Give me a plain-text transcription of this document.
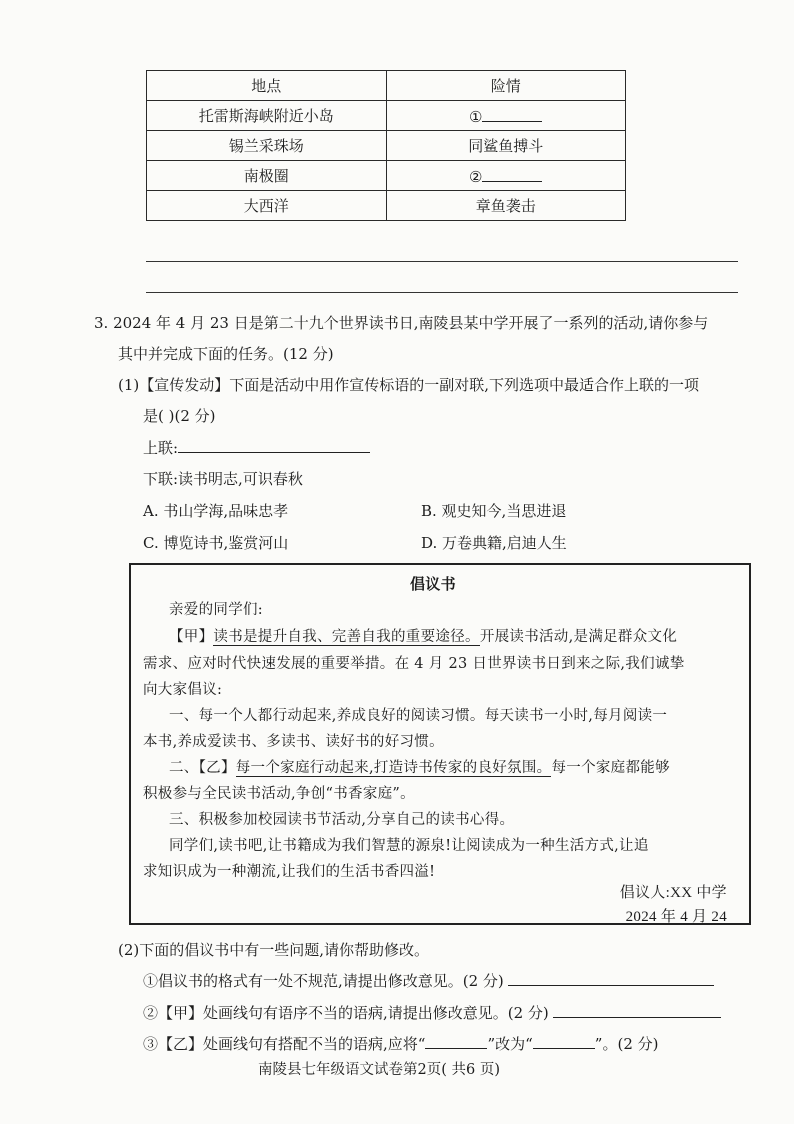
地点	险情
托雷斯海峡附近小岛	①
锡兰采珠场	同鲨鱼搏斗
南极圈	②
大西洋	章鱼袭击
3. 2024 年 4 月 23 日是第二十九个世界读书日,南陵县某中学开展了一系列的活动,请你参与
其中并完成下面的任务。(12 分)
(1)【宣传发动】下面是活动中用作宣传标语的一副对联,下列选项中最适合作上联的一项
是( )(2 分)
上联:
下联:读书明志,可识春秋
A. 书山学海,品味忠孝	B. 观史知今,当思进退
C. 博览诗书,鉴赏河山	D. 万卷典籍,启迪人生
倡议书
亲爱的同学们:
【甲】读书是提升自我、完善自我的重要途径。开展读书活动,是满足群众文化
需求、应对时代快速发展的重要举措。在 4 月 23 日世界读书日到来之际,我们诚挚
向大家倡议:
一、每一个人都行动起来,养成良好的阅读习惯。每天读书一小时,每月阅读一
本书,养成爱读书、多读书、读好书的好习惯。
二、【乙】每一个家庭行动起来,打造诗书传家的良好氛围。每一个家庭都能够
积极参与全民读书活动,争创“书香家庭”。
三、积极参加校园读书节活动,分享自己的读书心得。
同学们,读书吧,让书籍成为我们智慧的源泉!让阅读成为一种生活方式,让追
求知识成为一种潮流,让我们的生活书香四溢!
倡议人:XX 中学
2024 年 4 月 24
(2)下面的倡议书中有一些问题,请你帮助修改。
①倡议书的格式有一处不规范,请提出修改意见。(2 分)
②【甲】处画线句有语序不当的语病,请提出修改意见。(2 分)
③【乙】处画线句有搭配不当的语病,应将“	”改为“	”。(2 分)
南陵县七年级语文试卷第2页( 共6 页)
